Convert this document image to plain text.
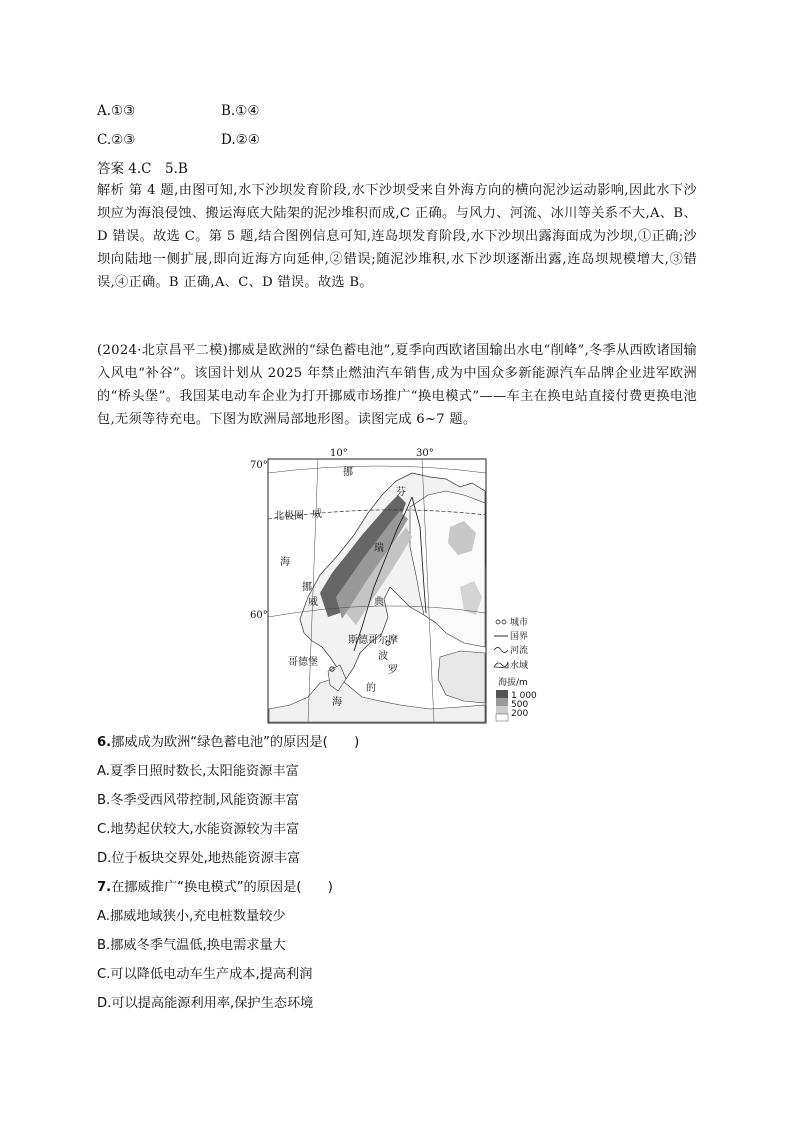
A.①③	B.①④
C.②③	D.②④
答案 4.C　5.B
解析 第 4 题,由图可知,水下沙坝发育阶段,水下沙坝受来自外海方向的横向泥沙运动影响,因此水下沙坝应为海浪侵蚀、搬运海底大陆架的泥沙堆积而成,C 正确。与风力、河流、冰川等关系不大,A、B、D 错误。故选 C。第 5 题,结合图例信息可知,连岛坝发育阶段,水下沙坝出露海面成为沙坝,①正确;沙坝向陆地一侧扩展,即向近海方向延伸,②错误;随泥沙堆积,水下沙坝逐渐出露,连岛坝规模增大,③错误,④正确。B 正确,A、C、D 错误。故选 B。
(2024·北京昌平二模)挪威是欧洲的“绿色蓄电池”,夏季向西欧诸国输出水电“削峰”,冬季从西欧诸国输入风电“补谷”。该国计划从 2025 年禁止燃油汽车销售,成为中国众多新能源汽车品牌企业进军欧洲的“桥头堡”。我国某电动车企业为打开挪威市场推广“换电模式”——车主在换电站直接付费更换电池包,无须等待充电。下图为欧洲局部地形图。读图完成 6~7 题。
10°	30°
70°
60°
北极圈
挪
威
海
波
罗
的
海
瑞
典
挪
威
芬
斯德哥尔摩
哥德堡
城市
国界
河流
水域
海拔/m
1 000
500
200
6.挪威成为欧洲“绿色蓄电池”的原因是(　　)
A.夏季日照时数长,太阳能资源丰富
B.冬季受西风带控制,风能资源丰富
C.地势起伏较大,水能资源较为丰富
D.位于板块交界处,地热能资源丰富
7.在挪威推广“换电模式”的原因是(　　)
A.挪威地域狭小,充电桩数量较少
B.挪威冬季气温低,换电需求量大
C.可以降低电动车生产成本,提高利润
D.可以提高能源利用率,保护生态环境
